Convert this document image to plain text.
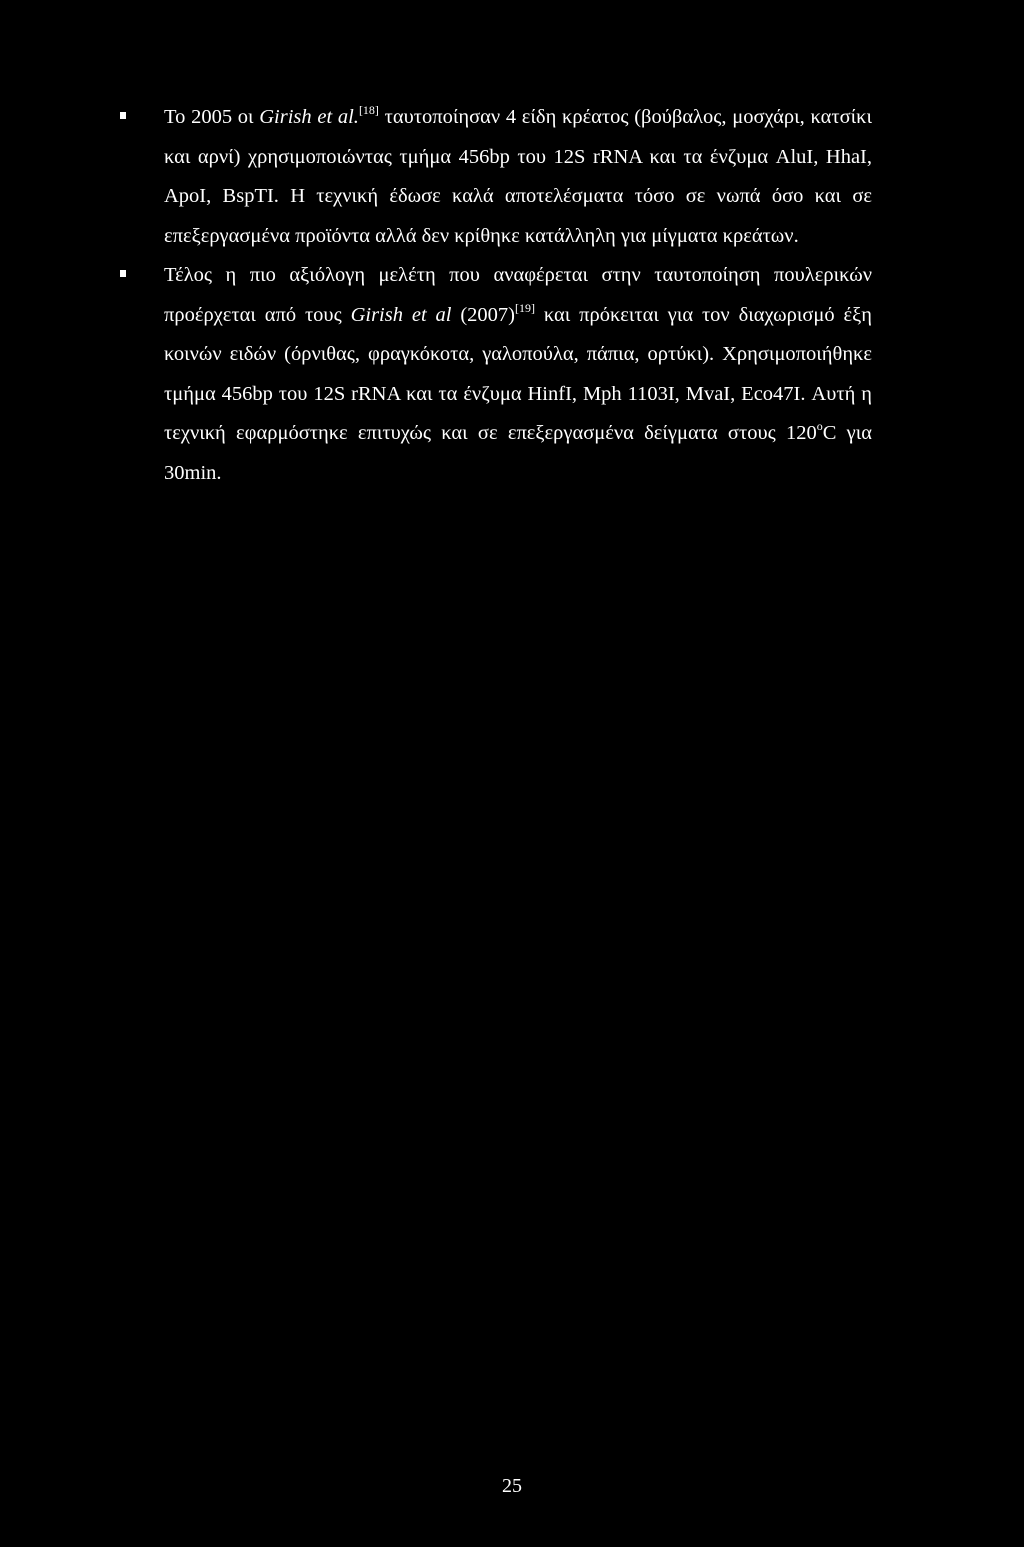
Το 2005 οι Girish et al.[18] ταυτοποίησαν 4 είδη κρέατος (βούβαλος, μοσχάρι, κατσίκι και αρνί) χρησιμοποιώντας τμήμα 456bp του 12S rRNA και τα ένζυμα AluI, HhaI, ApoI, BspTI. Η τεχνική έδωσε καλά αποτελέσματα τόσο σε νωπά όσο και σε επεξεργασμένα προϊόντα αλλά δεν κρίθηκε κατάλληλη για μίγματα κρεάτων.
Τέλος η πιο αξιόλογη μελέτη που αναφέρεται στην ταυτοποίηση πουλερικών προέρχεται από τους Girish et al (2007)[19] και πρόκειται για τον διαχωρισμό έξη κοινών ειδών (όρνιθας, φραγκόκοτα, γαλοπούλα, πάπια, ορτύκι). Χρησιμοποιήθηκε τμήμα 456bp του 12S rRNA και τα ένζυμα HinfI, Mph 1103I, MvaI, Eco47I. Αυτή η τεχνική εφαρμόστηκε επιτυχώς και σε επεξεργασμένα δείγματα στους 120$^o$C για 30min.
25
